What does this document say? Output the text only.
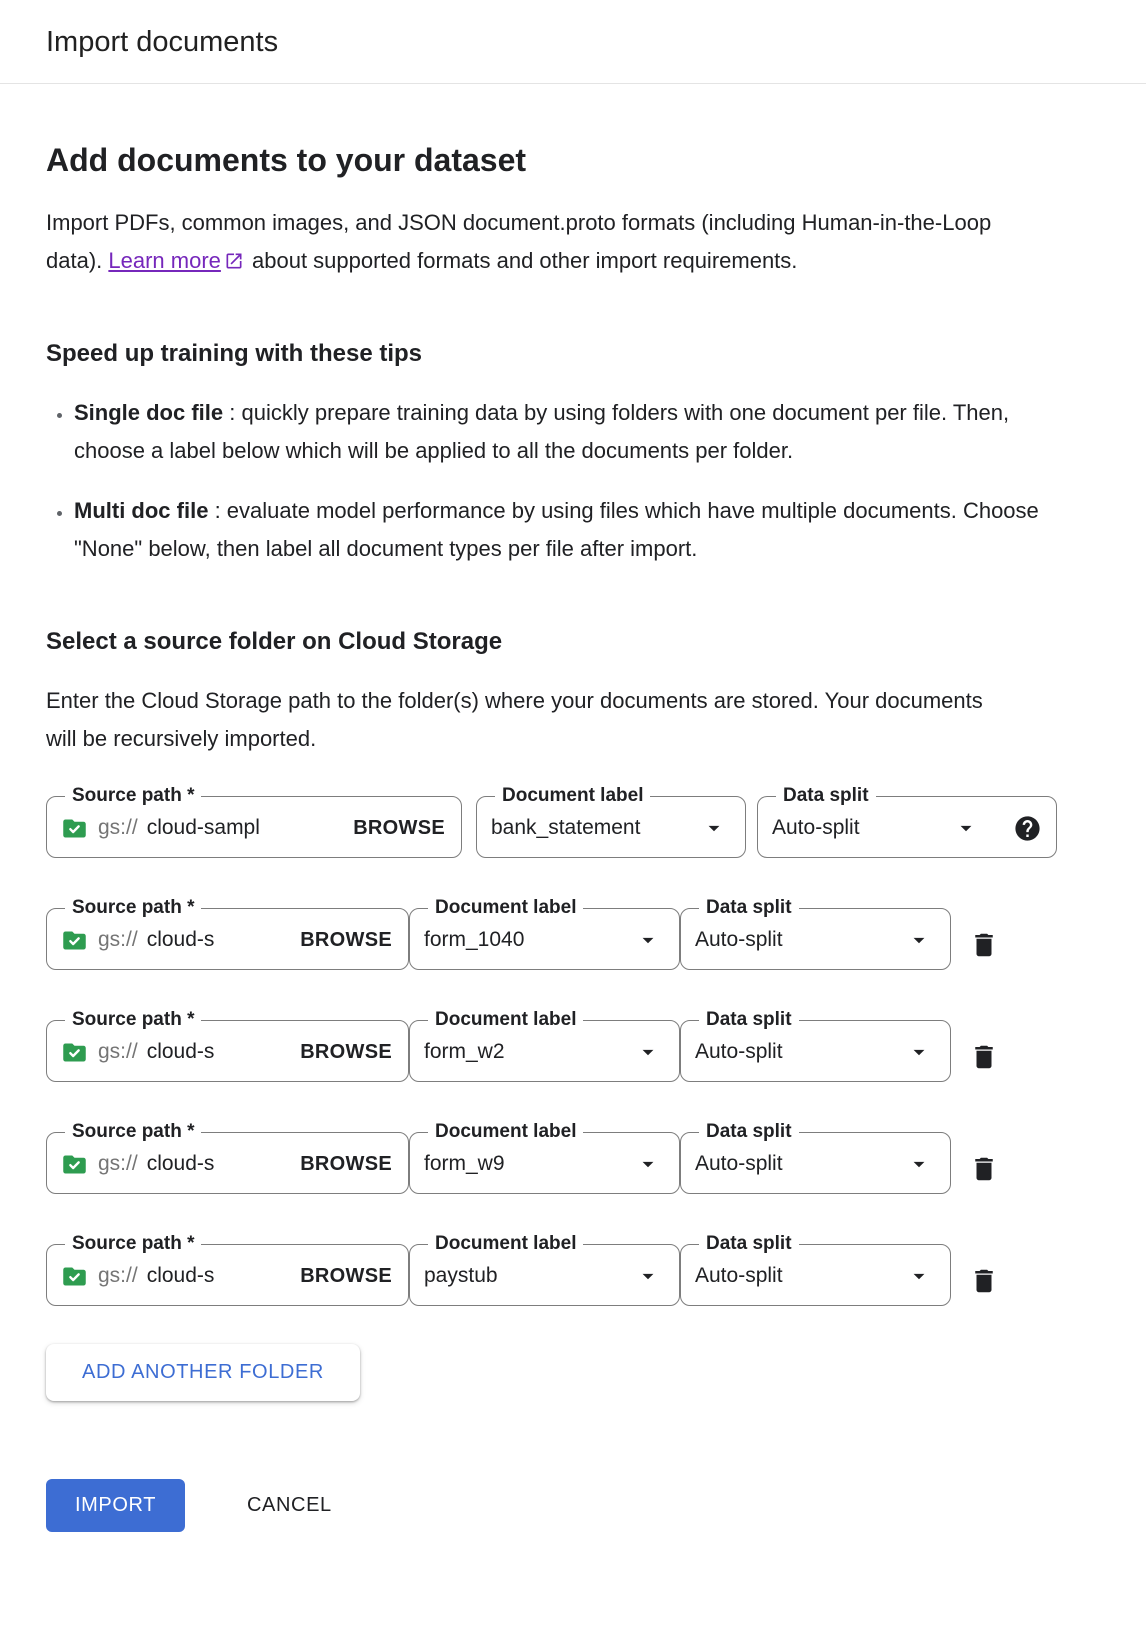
Import documents
Add documents to your dataset

Import PDFs, common images, and JSON document.proto formats (including Human-in-the-Loop data). Learn more
about supported formats and other import requirements.

Speed up training with these tips
• Single doc file : quickly prepare training data by using folders with one document per file. Then, choose a label below which will be applied to all the documents per folder.
• Multi doc file : evaluate model performance by using files which have multiple documents. Choose "None" below, then label all document types per file after import.
Select a source folder on Cloud Storage

Enter the Cloud Storage path to the folder(s) where your documents are stored. Your documents will be recursively imported.

Source path *
gs://
cloud-sampl	BROWSE
Document label
bank_statement
Data split
Auto-split
Source path *
gs://
cloud-s	BROWSE
Document label
form_1040
Data split
Auto-split
Source path *
gs://
cloud-s	BROWSE
Document label
form_w2
Data split
Auto-split
Source path *
gs://
cloud-s	BROWSE
Document label
form_w9
Data split
Auto-split
Source path *
gs://
cloud-s	BROWSE
Document label
paystub
Data split
Auto-split
ADD ANOTHER FOLDER
IMPORT	CANCEL
